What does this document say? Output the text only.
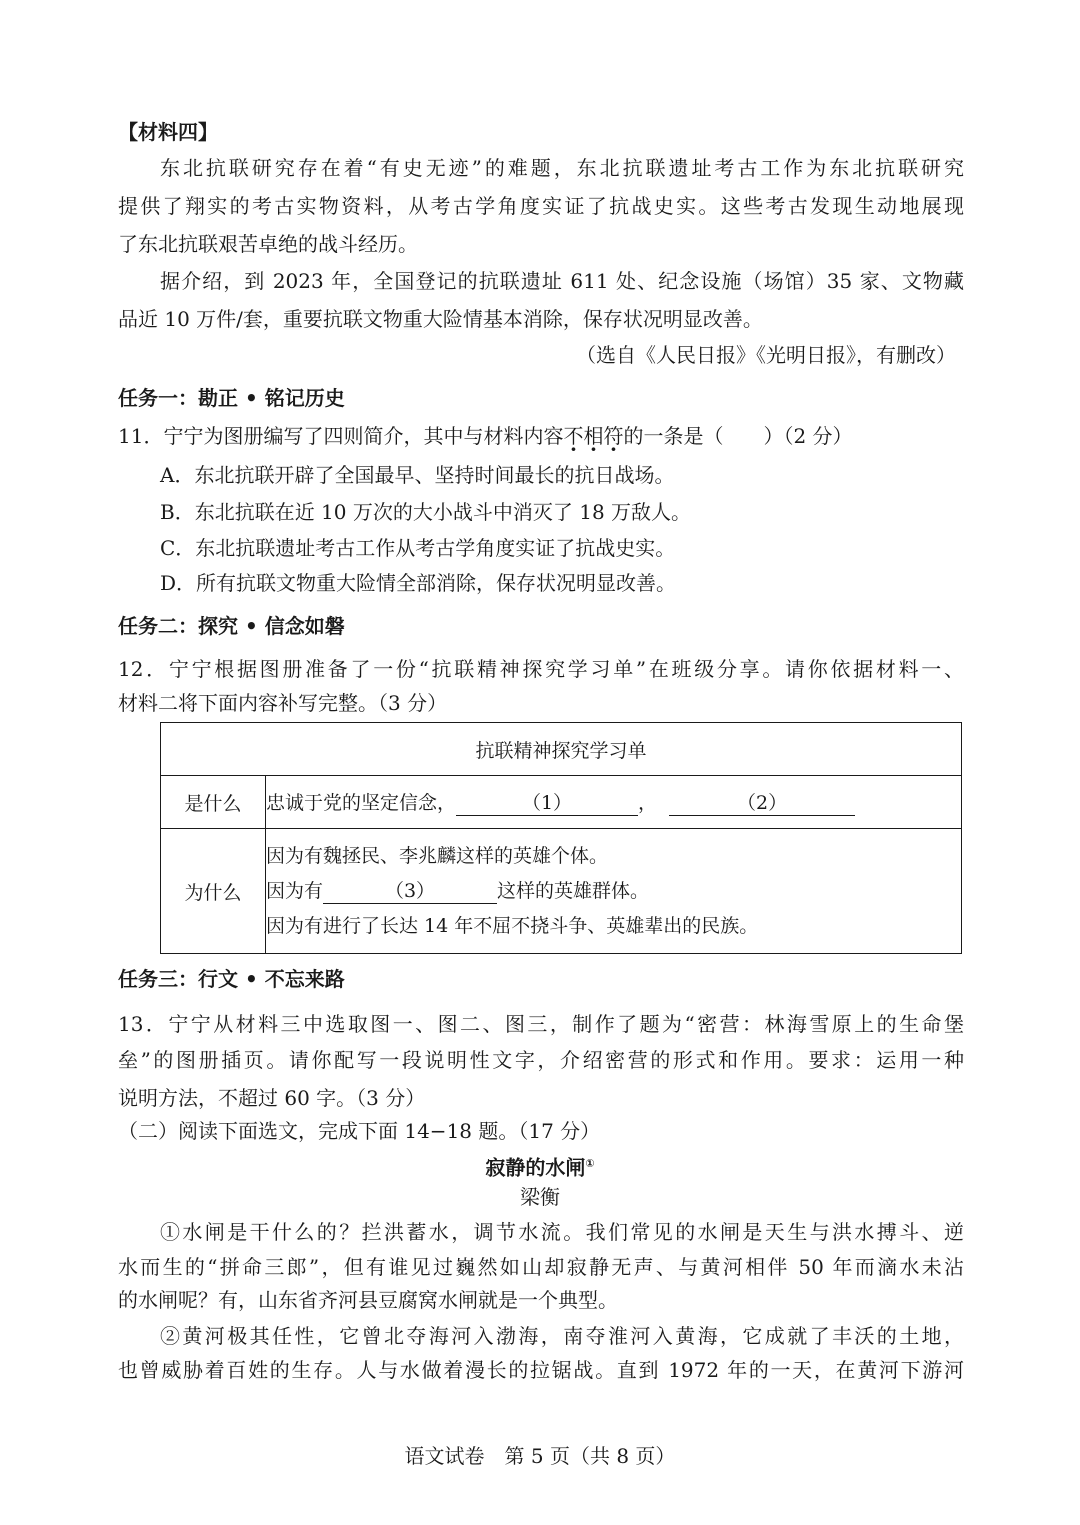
【材料四】
东北抗联研究存在着“有史无迹”的难题，东北抗联遗址考古工作为东北抗联研究
提供了翔实的考古实物资料，从考古学角度实证了抗战史实。这些考古发现生动地展现
了东北抗联艰苦卓绝的战斗经历。
据介绍，到 2023 年，全国登记的抗联遗址 611 处、纪念设施（场馆）35 家、文物藏
品近 10 万件/套，重要抗联文物重大险情基本消除，保存状况明显改善。
（选自《人民日报》《光明日报》，有删改）
任务一：勘正 • 铭记历史
11．宁宁为图册编写了四则简介，其中与材料内容不相符的一条是（　　）（2 分）
A．东北抗联开辟了全国最早、坚持时间最长的抗日战场。
B．东北抗联在近 10 万次的大小战斗中消灭了 18 万敌人。
C．东北抗联遗址考古工作从考古学角度实证了抗战史实。
D．所有抗联文物重大险情全部消除，保存状况明显改善。
任务二：探究 • 信念如磐
12．宁宁根据图册准备了一份“抗联精神探究学习单”在班级分享。请你依据材料一、
材料二将下面内容补写完整。（3 分）
抗联精神探究学习单	
是什么	忠诚于党的坚定信念， （1） ， （2）
为什么	因为有魏拯民、李兆麟这样的英雄个体。
因为有 （3） 这样的英雄群体。
因为有进行了长达 14 年不屈不挠斗争、英雄辈出的民族。
任务三：行文 • 不忘来路
13．宁宁从材料三中选取图一、图二、图三，制作了题为“密营：林海雪原上的生命堡
垒”的图册插页。请你配写一段说明性文字，介绍密营的形式和作用。要求：运用一种
说明方法，不超过 60 字。（3 分）
（二）阅读下面选文，完成下面 14−18 题。（17 分）
寂静的水闸①
梁衡
①水闸是干什么的？拦洪蓄水，调节水流。我们常见的水闸是天生与洪水搏斗、逆
水而生的“拼命三郎”，但有谁见过巍然如山却寂静无声、与黄河相伴 50 年而滴水未沾
的水闸呢？有，山东省齐河县豆腐窝水闸就是一个典型。
②黄河极其任性，它曾北夺海河入渤海，南夺淮河入黄海，它成就了丰沃的土地，
也曾威胁着百姓的生存。人与水做着漫长的拉锯战。直到 1972 年的一天，在黄河下游河
语文试卷　第 5 页（共 8 页）
